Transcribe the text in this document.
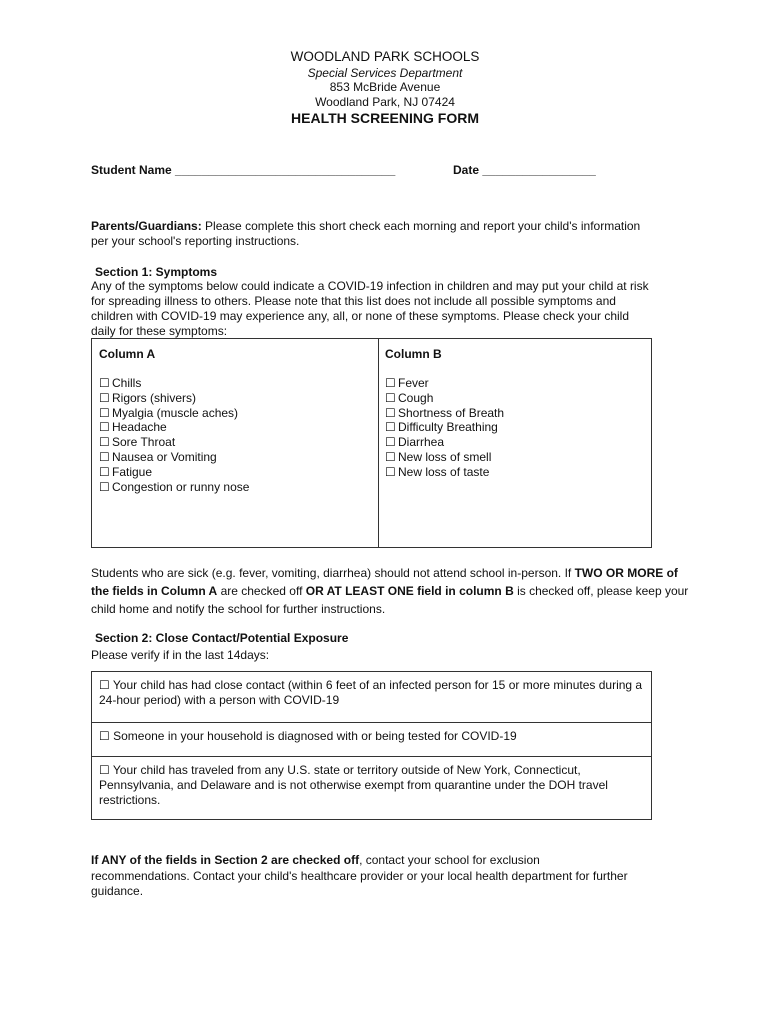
WOODLAND PARK SCHOOLS
Special Services Department
853 McBride Avenue
Woodland Park, NJ 07424
HEALTH SCREENING FORM
Student Name _________________________________	Date _________________
Parents/Guardians: Please complete this short check each morning and report your child's information per your school's reporting instructions.
Section 1: Symptoms
Any of the symptoms below could indicate a COVID-19 infection in children and may put your child at risk for spreading illness to others. Please note that this list does not include all possible symptoms and children with COVID-19 may experience any, all, or none of these symptoms. Please check your child daily for these symptoms:
Column A	Column B
☐ Chills
☐ Rigors (shivers)
☐ Myalgia (muscle aches)
☐ Headache
☐ Sore Throat
☐ Nausea or Vomiting
☐ Fatigue
☐ Congestion or runny nose
☐ Fever
☐ Cough
☐ Shortness of Breath
☐ Difficulty Breathing
☐ Diarrhea
☐ New loss of smell
☐ New loss of taste
Students who are sick (e.g. fever, vomiting, diarrhea) should not attend school in-person. If TWO OR MORE of the fields in Column A are checked off OR AT LEAST ONE field in column B is checked off, please keep your child home and notify the school for further instructions.
Section 2: Close Contact/Potential Exposure
Please verify if in the last 14days:
☐ Your child has had close contact (within 6 feet of an infected person for 15 or more minutes during a 24-hour period) with a person with COVID-19
☐ Someone in your household is diagnosed with or being tested for COVID-19
☐ Your child has traveled from any U.S. state or territory outside of New York, Connecticut, Pennsylvania, and Delaware and is not otherwise exempt from quarantine under the DOH travel restrictions.
If ANY of the fields in Section 2 are checked off, contact your school for exclusion recommendations. Contact your child's healthcare provider or your local health department for further guidance.
